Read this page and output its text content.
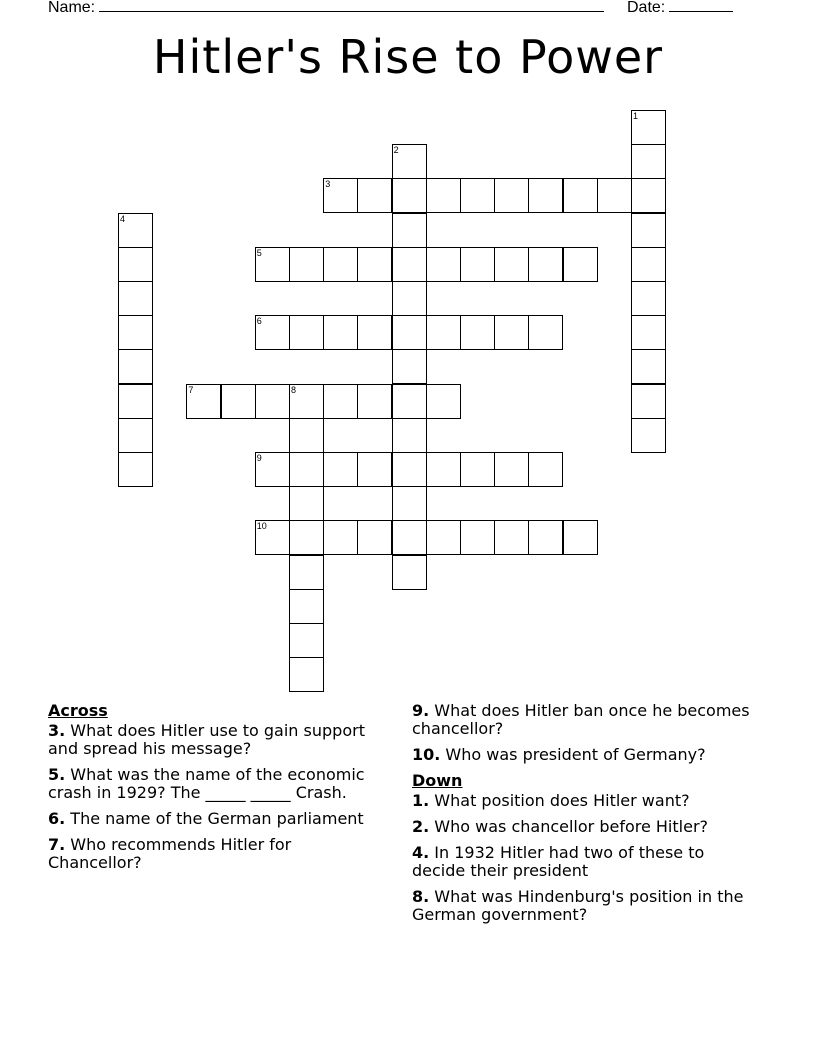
Name:	Date:
Hitler's Rise to Power
1
2
3
4
5
6
7	8
9
10
Across
3. What does Hitler use to gain support and spread his message?
5. What was the name of the economic crash in 1929? The _____ _____ Crash.
6. The name of the German parliament
7. Who recommends Hitler for Chancellor?
9. What does Hitler ban once he becomes chancellor?
10. Who was president of Germany?
Down
1. What position does Hitler want?
2. Who was chancellor before Hitler?
4. In 1932 Hitler had two of these to decide their president
8. What was Hindenburg's position in the German government?
